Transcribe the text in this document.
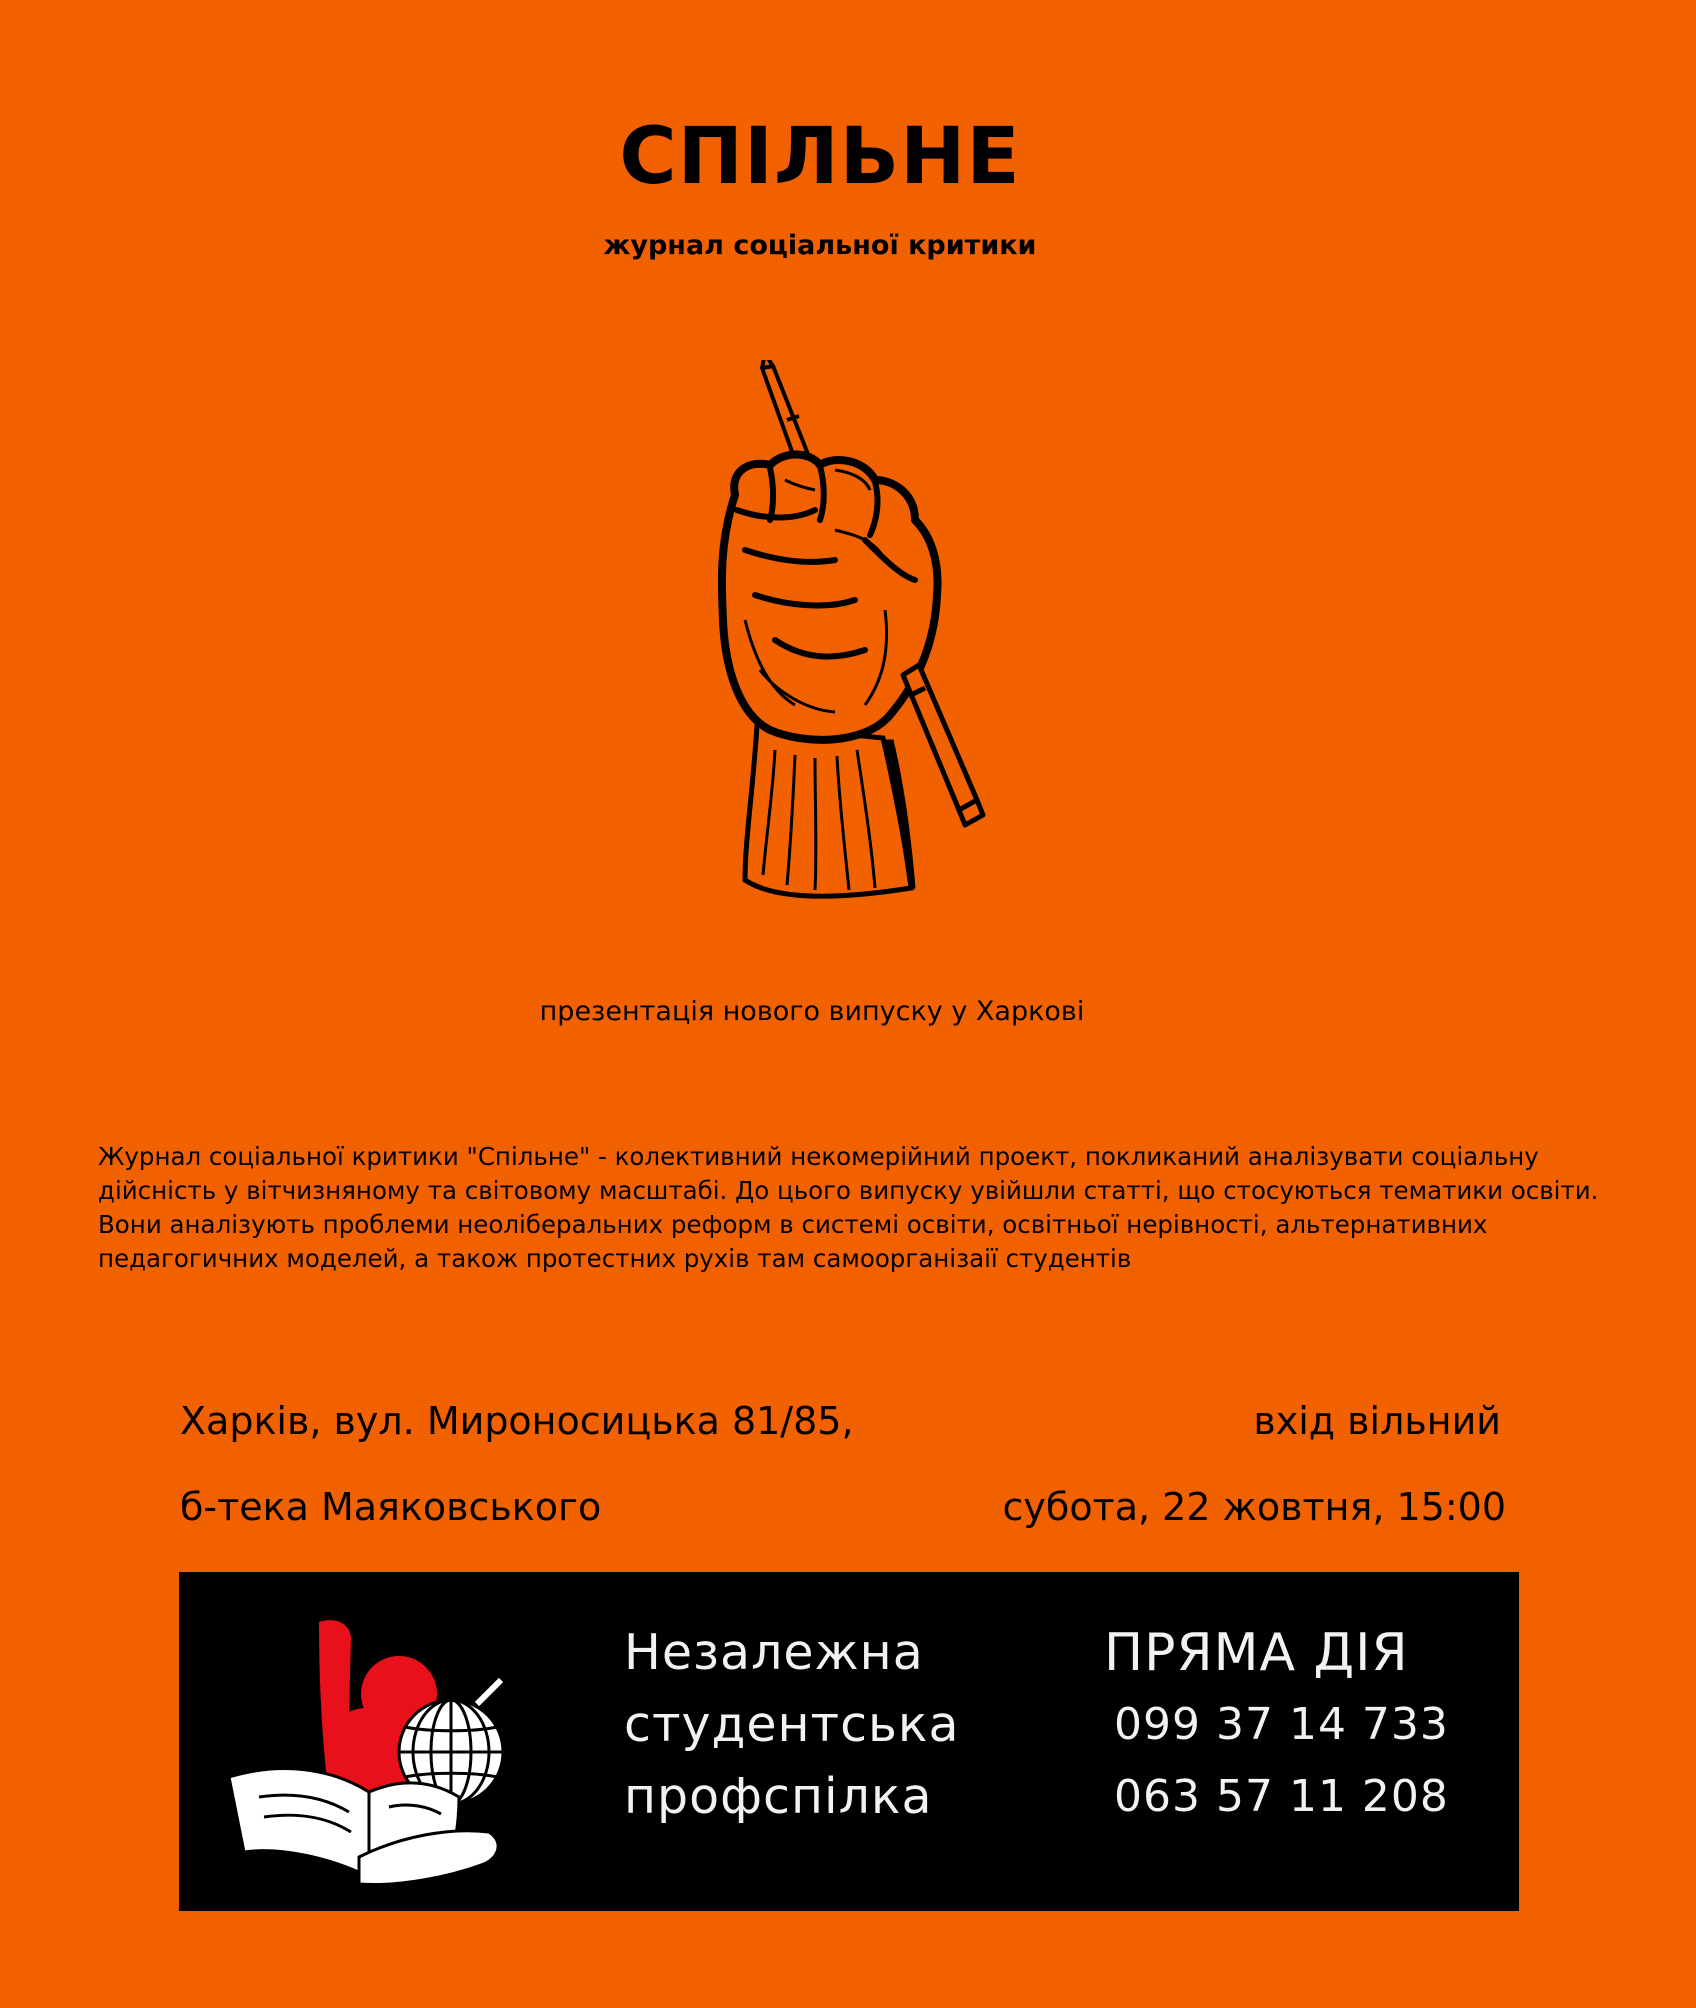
СПІЛЬНЕ
журнал соціальної критики
презентація нового випуску у Харкові
Журнал соціальної критики "Спільне" - колективний некомерійний проект, покликаний аналізувати соціальну
дійсність у вітчизняному та світовому масштабі. До цього випуску увійшли статті, що стосуються тематики освіти.
Вони аналізують проблеми неоліберальних реформ в системі освіти, освітньої нерівності, альтернативних
педагогичних моделей, а також протестних рухів там самоорганізаії студентів
Харків, вул. Мироносицька 81/85,
б-тека Маяковського
вхід вільний
субота, 22 жовтня, 15:00
Незалежна
студентська
профспілка
ПРЯМА ДІЯ
099 37 14 733
063 57 11 208
